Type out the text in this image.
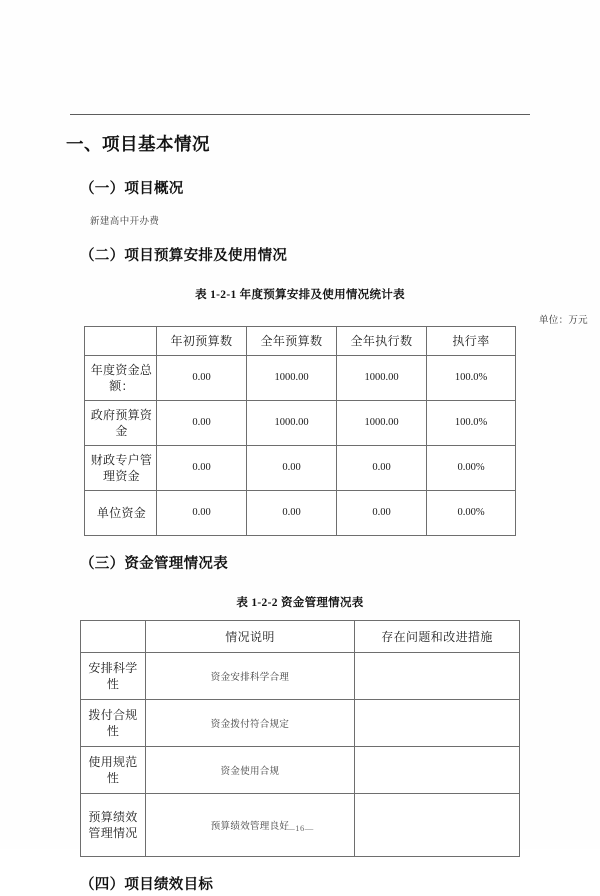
一、项目基本情况
（一）项目概况

新建高中开办费

（二）项目预算安排及使用情况

表 1-2-1 年度预算安排及使用情况统计表

单位：万元

	年初预算数	全年预算数	全年执行数	执行率
年度资金总额：	0.00	1000.00	1000.00	100.0%
政府预算资金	0.00	1000.00	1000.00	100.0%
财政专户管理资金	0.00	0.00	0.00	0.00%
单位资金	0.00	0.00	0.00	0.00%
（三）资金管理情况表

表 1-2-2 资金管理情况表

	情况说明	存在问题和改进措施
安排科学性	资金安排科学合理	
拨付合规性	资金拨付符合规定	
使用规范性	资金使用合规	
预算绩效管理情况	预算绩效管理良好	
（四）项目绩效目标
—16—
